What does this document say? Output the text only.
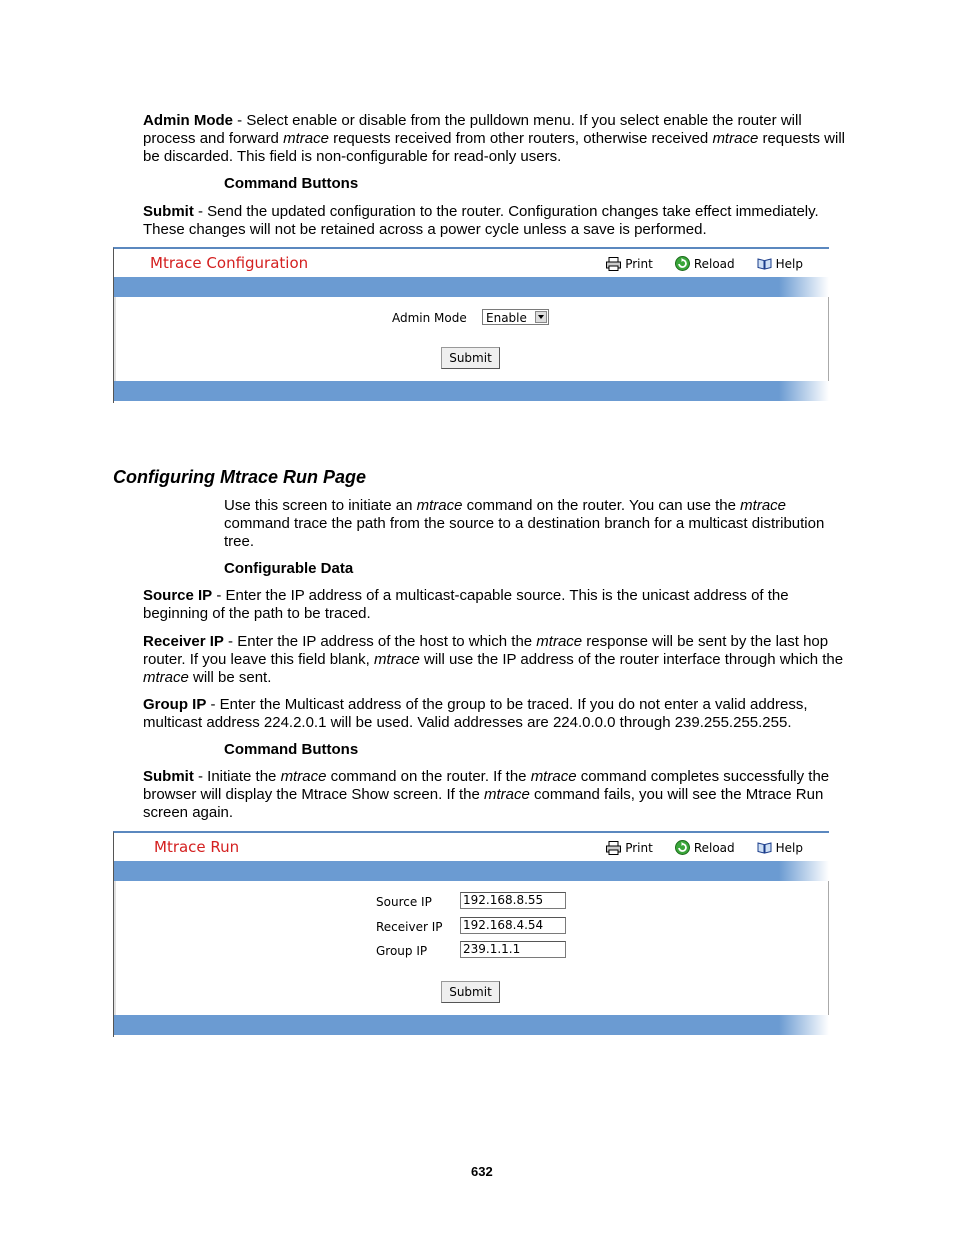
Admin Mode - Select enable or disable from the pulldown menu. If you select enable the router will process and forward mtrace requests received from other routers, otherwise received mtrace requests will be discarded. This field is non-configurable for read-only users.

Command Buttons

Submit - Send the updated configuration to the router. Configuration changes take effect immediately. These changes will not be retained across a power cycle unless a save is performed.

Mtrace Configuration	Print	Reload	Help
Admin Mode	Enable
Submit
Configuring Mtrace Run Page

Use this screen to initiate an mtrace command on the router. You can use the mtrace command trace the path from the source to a destination branch for a multicast distribution tree.

Configurable Data

Source IP - Enter the IP address of a multicast-capable source. This is the unicast address of the beginning of the path to be traced.

Receiver IP - Enter the IP address of the host to which the mtrace response will be sent by the last hop router. If you leave this field blank, mtrace will use the IP address of the router interface through which the mtrace will be sent.

Group IP - Enter the Multicast address of the group to be traced. If you do not enter a valid address, multicast address 224.2.0.1 will be used. Valid addresses are 224.0.0.0 through 239.255.255.255.

Command Buttons

Submit - Initiate the mtrace command on the router. If the mtrace command completes successfully the browser will display the Mtrace Show screen. If the mtrace command fails, you will see the Mtrace Run screen again.

Mtrace Run	Print	Reload	Help
Source IP	192.168.8.55
Receiver IP 192.168.4.54
Group IP	239.1.1.1
Submit
632
